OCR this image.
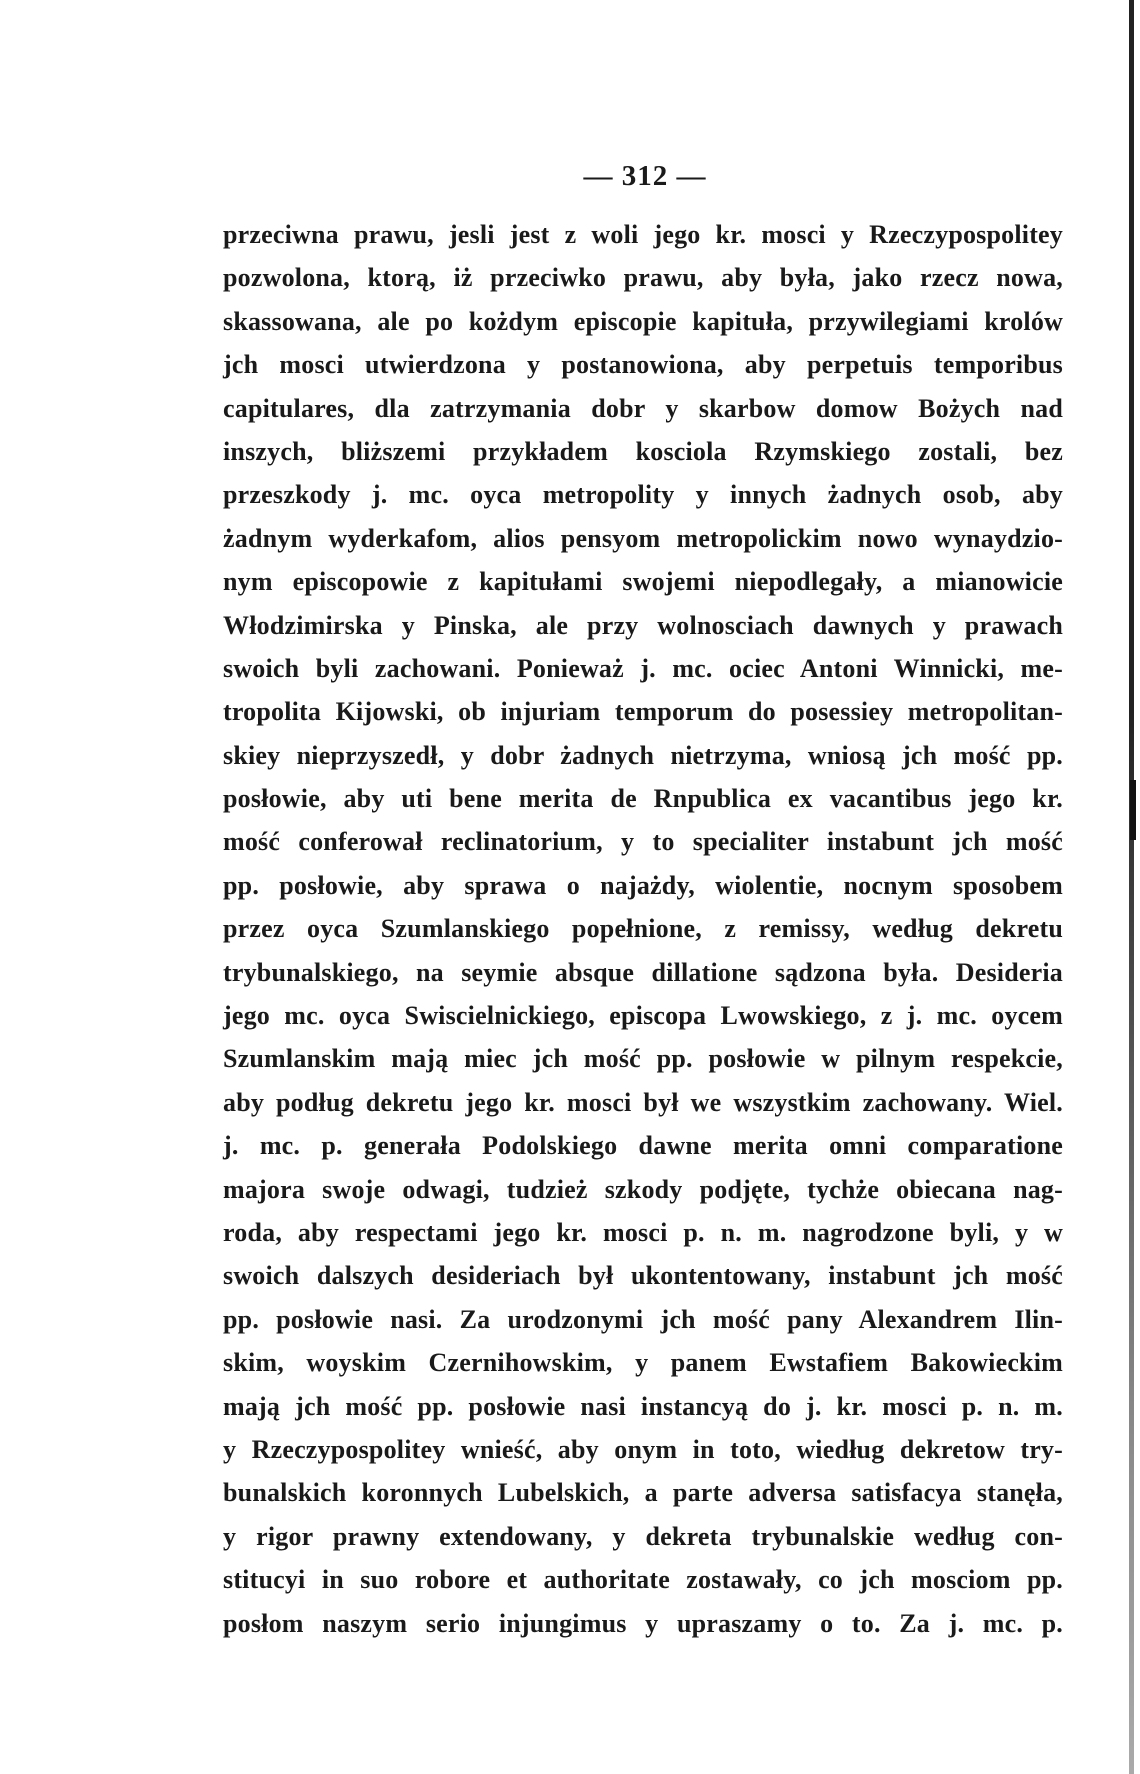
— 312 —
przeciwna prawu, jesli jest z woli jego kr. mosci y Rzeczypospolitey
pozwolona, ktorą, iż przeciwko prawu, aby była, jako rzecz nowa,
skassowana, ale po kożdym episcopie kapituła, przywilegiami krolów
jch mosci utwierdzona y postanowiona, aby perpetuis temporibus
capitulares, dla zatrzymania dobr y skarbow domow Bożych nad
inszych, bliższemi przykładem kosciola Rzymskiego zostali, bez
przeszkody j. mc. oyca metropolity y innych żadnych osob, aby
żadnym wyderkafom, alios pensyom metropolickim nowo wynaydzio-
nym episcopowie z kapitułami swojemi niepodlegały, a mianowicie
Włodzimirska y Pinska, ale przy wolnosciach dawnych y prawach
swoich byli zachowani. Ponieważ j. mc. ociec Antoni Winnicki, me-
tropolita Kijowski, ob injuriam temporum do posessiey metropolitan-
skiey nieprzyszedł, y dobr żadnych nietrzyma, wniosą jch mość pp.
posłowie, aby uti bene merita de Rnpublica ex vacantibus jego kr.
mość conferował reclinatorium, y to specialiter instabunt jch mość
pp. posłowie, aby sprawa o najażdy, wiolentie, nocnym sposobem
przez oyca Szumlanskiego popełnione, z remissy, według dekretu
trybunalskiego, na seymie absque dillatione sądzona była. Desideria
jego mc. oyca Swiscielnickiego, episcopa Lwowskiego, z j. mc. oycem
Szumlanskim mają miec jch mość pp. posłowie w pilnym respekcie,
aby podług dekretu jego kr. mosci był we wszystkim zachowany. Wiel.
j. mc. p. generała Podolskiego dawne merita omni comparatione
majora swoje odwagi, tudzież szkody podjęte, tychże obiecana nag-
roda, aby respectami jego kr. mosci p. n. m. nagrodzone byli, y w
swoich dalszych desideriach był ukontentowany, instabunt jch mość
pp. posłowie nasi. Za urodzonymi jch mość pany Alexandrem Ilin-
skim, woyskim Czernihowskim, y panem Ewstafiem Bakowieckim
mają jch mość pp. posłowie nasi instancyą do j. kr. mosci p. n. m.
y Rzeczypospolitey wnieść, aby onym in toto, wiedług dekretow try-
bunalskich koronnych Lubelskich, a parte adversa satisfacya stanęła,
y rigor prawny extendowany, y dekreta trybunalskie według con-
stitucyi in suo robore et authoritate zostawały, co jch mosciom pp.
posłom naszym serio injungimus y upraszamy o to. Za j. mc. p.
